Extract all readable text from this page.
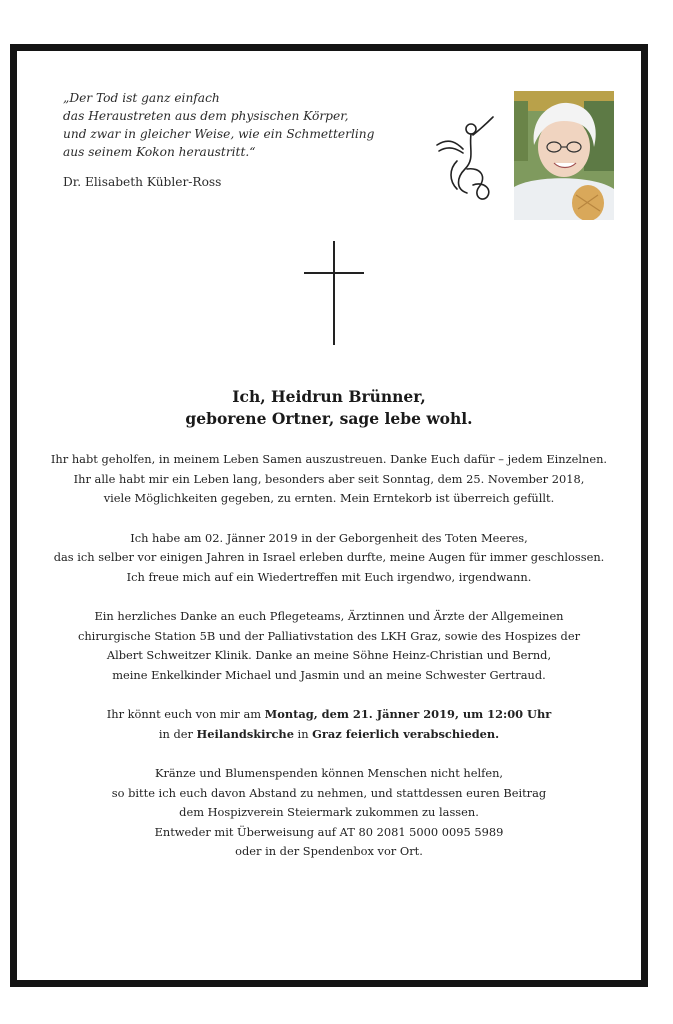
„Der Tod ist ganz einfach
das Heraustreten aus dem physischen Körper,
und zwar in gleicher Weise, wie ein Schmetterling
aus seinem Kokon heraustritt.“
Dr. Elisabeth Kübler-Ross
Ich, Heidrun Brünner,
geborene Ortner, sage lebe wohl.
Ihr habt geholfen, in meinem Leben Samen auszustreuen. Danke Euch dafür – jedem Einzelnen.
Ihr alle habt mir ein Leben lang, besonders aber seit Sonntag, dem 25. November 2018,
viele Möglichkeiten gegeben, zu ernten. Mein Erntekorb ist überreich gefüllt.
Ich habe am 02. Jänner 2019 in der Geborgenheit des Toten Meeres,
das ich selber vor einigen Jahren in Israel erleben durfte, meine Augen für immer geschlossen.
Ich freue mich auf ein Wiedertreffen mit Euch irgendwo, irgendwann.
Ein herzliches Danke an euch Pflegeteams, Ärztinnen und Ärzte der Allgemeinen
chirurgische Station 5B und der Palliativstation des LKH Graz, sowie des Hospizes der
Albert Schweitzer Klinik. Danke an meine Söhne Heinz-Christian und Bernd,
meine Enkelkinder Michael und Jasmin und an meine Schwester Gertraud.
Ihr könnt euch von mir am Montag, dem 21. Jänner 2019, um 12:00 Uhr
in der Heilandskirche in Graz feierlich verabschieden.
Kränze und Blumenspenden können Menschen nicht helfen,
so bitte ich euch davon Abstand zu nehmen, und stattdessen euren Beitrag
dem Hospizverein Steiermark zukommen zu lassen.
Entweder mit Überweisung auf AT 80 2081 5000 0095 5989
oder in der Spendenbox vor Ort.
